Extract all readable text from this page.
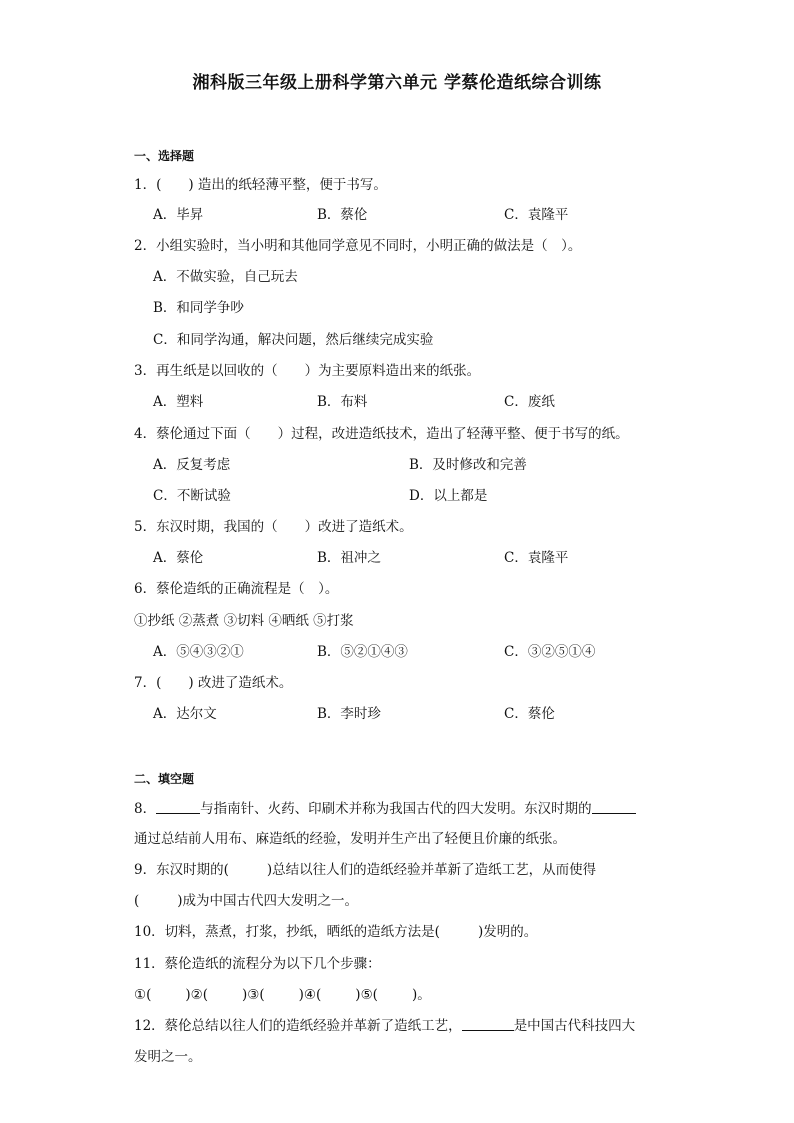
湘科版三年级上册科学第六单元 学蔡伦造纸综合训练
一、选择题
1．(　　) 造出的纸轻薄平整，便于书写。
A．毕昇	B．蔡伦	C．袁隆平
2．小组实验时，当小明和其他同学意见不同时，小明正确的做法是（　）。
A．不做实验，自己玩去
B．和同学争吵
C．和同学沟通，解决问题，然后继续完成实验
3．再生纸是以回收的（　　）为主要原料造出来的纸张。
A．塑料	B．布料	C．废纸
4．蔡伦通过下面（　　）过程，改进造纸技术，造出了轻薄平整、便于书写的纸。
A．反复考虑	B．及时修改和完善
C．不断试验	D．以上都是
5．东汉时期，我国的（　　）改进了造纸术。
A．蔡伦	B．祖冲之	C．袁隆平
6．蔡伦造纸的正确流程是（　）。
①抄纸 ②蒸煮 ③切料 ④晒纸 ⑤打浆
A．⑤④③②①	B．⑤②①④③	C．③②⑤①④
7．(　　) 改进了造纸术。
A．达尔文	B．李时珍	C．蔡伦
二、填空题
8．	与指南针、火药、印刷术并称为我国古代的四大发明。东汉时期的
通过总结前人用布、麻造纸的经验，发明并生产出了轻便且价廉的纸张。
9．东汉时期的(	)总结以往人们的造纸经验并革新了造纸工艺，从而使得
(	)成为中国古代四大发明之一。
10．切料，蒸煮，打浆，抄纸，晒纸的造纸方法是(	)发明的。
11．蔡伦造纸的流程分为以下几个步骤：
①(	)②(	)③(	)④(	)⑤(	)。
12．蔡伦总结以往人们的造纸经验并革新了造纸工艺，	是中国古代科技四大
发明之一。
